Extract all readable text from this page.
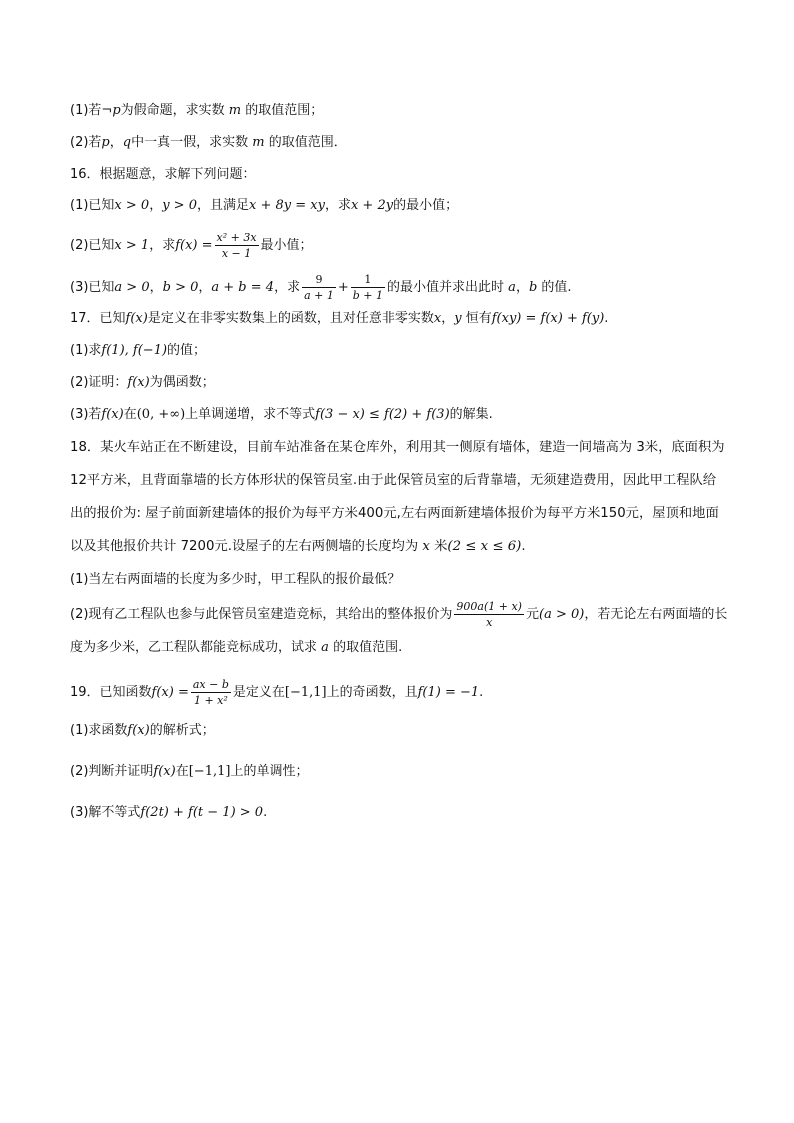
(1)若¬p为假命题，求实数 m 的取值范围；
(2)若p，q中一真一假，求实数 m 的取值范围．
16．根据题意，求解下列问题：
(1)已知x > 0，y > 0，且满足x + 8y = xy，求x + 2y的最小值；
(2)已知x > 1，求$f(x) = \frac{\text{x² + 3x}}{x - 1}$ 最小值；
(3)已知a > 0，b > 0，a + b = 4，求 $\frac{9}{a + 1} + \frac{1}{b + 1}$ 的最小值并求出此时 a，b 的值.
17．已知f(x)是定义在非零实数集上的函数，且对任意非零实数x，y 恒有f(xy) = f(x) + f(y).
(1)求f(1), f(−1)的值；
(2)证明：f(x)为偶函数；
(3)若f(x)在(0, +∞)上单调递增，求不等式f(3 − x) ≤ f(2) + f(3)的解集.
18．某火车站正在不断建设，目前车站准备在某仓库外，利用其一侧原有墙体，建造一间墙高为 3米，底面积为 12平方米，且背面靠墙的长方体形状的保管员室.由于此保管员室的后背靠墙，无须建造费用，因此甲工程队给出的报价为: 屋子前面新建墙体的报价为每平方米400元,左右两面新建墙体报价为每平方米150元，屋顶和地面以及其他报价共计 7200元.设屋子的左右两侧墙的长度均为 x 米(2 ≤ x ≤ 6).
(1)当左右两面墙的长度为多少时，甲工程队的报价最低？
(2)现有乙工程队也参与此保管员室建造竞标，其给出的整体报价为 $\frac{900a(1 + x)}{x}$ 元(a > 0)，若无论左右两面墙的长度为多少米，乙工程队都能竞标成功，试求 a 的取值范围.
19．已知函数$f(x) = \frac{ax - b}{\text{1 + x²}}$ 是定义在[−1,1]上的奇函数，且f(1) = −1.
(1)求函数f(x)的解析式；
(2)判断并证明f(x)在[−1,1]上的单调性；
(3)解不等式f(2t) + f(t − 1) > 0.
